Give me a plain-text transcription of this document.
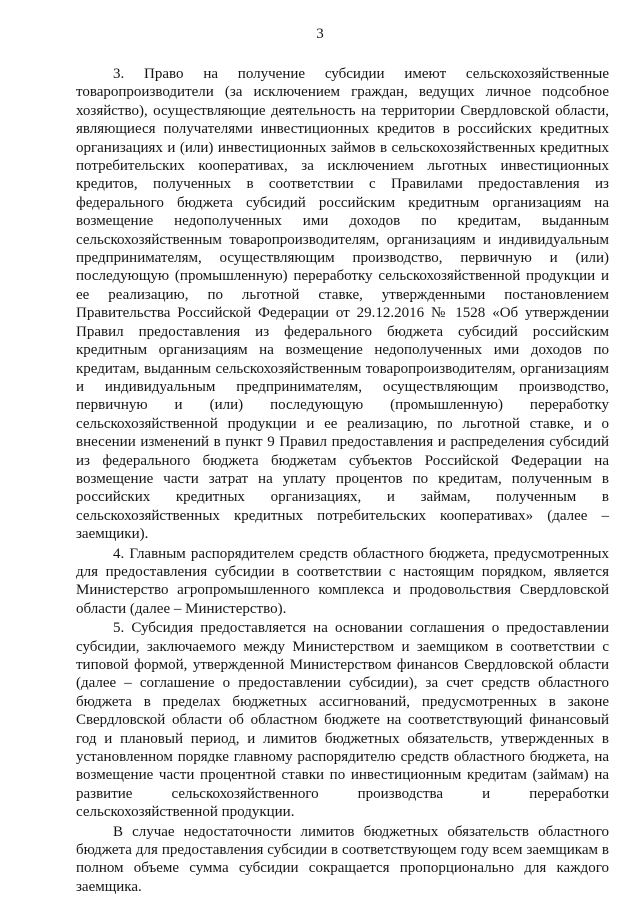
3

3. Право на получение субсидии имеют сельскохозяйственные товаропроизводители (за исключением граждан, ведущих личное подсобное хозяйство), осуществляющие деятельность на территории Свердловской области, являющиеся получателями инвестиционных кредитов в российских кредитных организациях и (или) инвестиционных займов в сельскохозяйственных кредитных потребительских кооперативах, за исключением льготных инвестиционных кредитов, полученных в соответствии с Правилами предоставления из федерального бюджета субсидий российским кредитным организациям на возмещение недополученных ими доходов по кредитам, выданным сельскохозяйственным товаропроизводителям, организациям и индивидуальным предпринимателям, осуществляющим производство, первичную и (или) последующую (промышленную) переработку сельскохозяйственной продукции и ее реализацию, по льготной ставке, утвержденными постановлением Правительства Российской Федерации от 29.12.2016 № 1528 «Об утверждении Правил предоставления из федерального бюджета субсидий российским кредитным организациям на возмещение недополученных ими доходов по кредитам, выданным сельскохозяйственным товаропроизводителям, организациям и индивидуальным предпринимателям, осуществляющим производство, первичную и (или) последующую (промышленную) переработку сельскохозяйственной продукции и ее реализацию, по льготной ставке, и о внесении изменений в пункт 9 Правил предоставления и распределения субсидий из федерального бюджета бюджетам субъектов Российской Федерации на возмещение части затрат на уплату процентов по кредитам, полученным в российских кредитных организациях, и займам, полученным в сельскохозяйственных кредитных потребительских кооперативах» (далее – заемщики).

4. Главным распорядителем средств областного бюджета, предусмотренных для предоставления субсидии в соответствии с настоящим порядком, является Министерство агропромышленного комплекса и продовольствия Свердловской области (далее – Министерство).

5. Субсидия предоставляется на основании соглашения о предоставлении субсидии, заключаемого между Министерством и заемщиком в соответствии с типовой формой, утвержденной Министерством финансов Свердловской области (далее – соглашение о предоставлении субсидии), за счет средств областного бюджета в пределах бюджетных ассигнований, предусмотренных в законе Свердловской области об областном бюджете на соответствующий финансовый год и плановый период, и лимитов бюджетных обязательств, утвержденных в установленном порядке главному распорядителю средств областного бюджета, на возмещение части процентной ставки по инвестиционным кредитам (займам) на развитие сельскохозяйственного производства и переработки сельскохозяйственной продукции.

В случае недостаточности лимитов бюджетных обязательств областного бюджета для предоставления субсидии в соответствующем году всем заемщикам в полном объеме сумма субсидии сокращается пропорционально для каждого заемщика.
